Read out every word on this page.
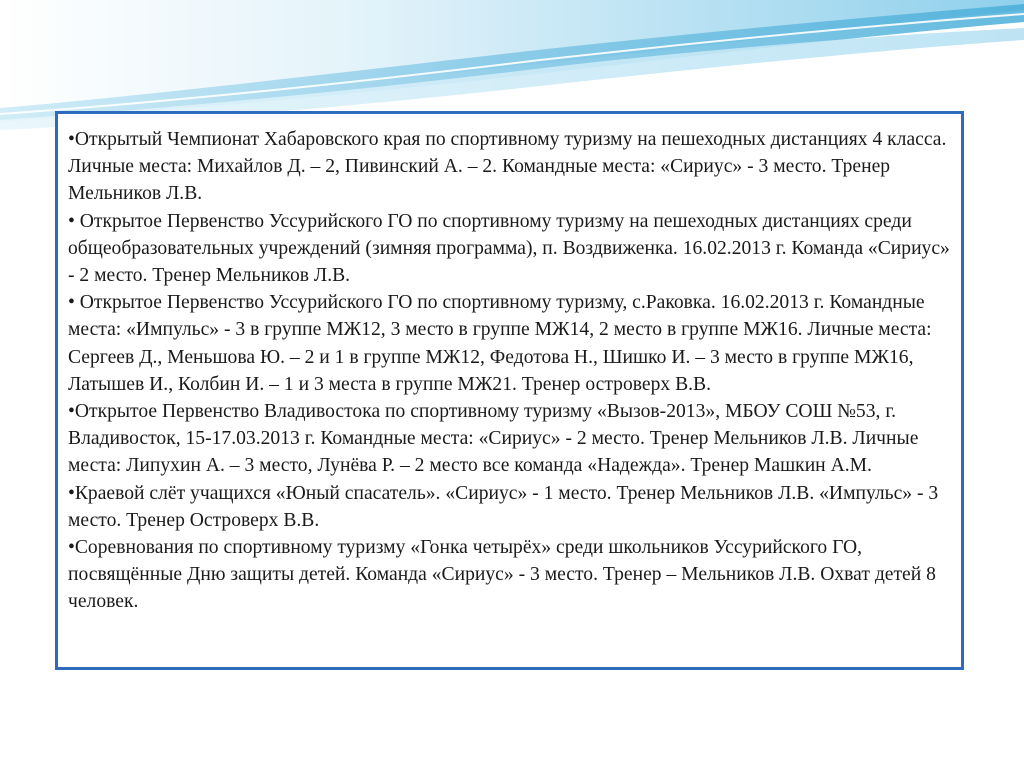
•Открытый Чемпионат Хабаровского края по спортивному туризму на пешеходных дистанциях 4 класса. Личные места: Михайлов Д. – 2, Пивинский А. – 2. Командные места: «Сириус» - 3 место. Тренер Мельников Л.В.

• Открытое Первенство Уссурийского ГО по спортивному туризму на пешеходных дистанциях среди общеобразовательных учреждений (зимняя программа), п. Воздвиженка. 16.02.2013 г. Команда «Сириус» - 2 место. Тренер Мельников Л.В.

• Открытое Первенство Уссурийского ГО по спортивному туризму, с.Раковка. 16.02.2013 г. Командные места: «Импульс» - 3 в группе МЖ12, 3 место в группе МЖ14, 2 место в группе МЖ16. Личные места: Сергеев Д., Меньшова Ю. – 2 и 1 в группе МЖ12, Федотова Н., Шишко И. – 3 место в группе МЖ16, Латышев И., Колбин И. – 1 и 3 места в группе МЖ21. Тренер островерх В.В.

•Открытое Первенство Владивостока по спортивному туризму «Вызов-2013», МБОУ СОШ №53, г. Владивосток, 15-17.03.2013 г. Командные места: «Сириус» - 2 место. Тренер Мельников Л.В. Личные места: Липухин А. – 3 место, Лунёва Р. – 2 место все команда «Надежда». Тренер Машкин А.М.

•Краевой слёт учащихся «Юный спасатель». «Сириус» - 1 место. Тренер Мельников Л.В. «Импульс» - 3 место. Тренер Островерх В.В.

•Соревнования по спортивному туризму «Гонка четырёх» среди школьников Уссурийского ГО, посвящённые Дню защиты детей. Команда «Сириус» - 3 место. Тренер – Мельников Л.В. Охват детей 8 человек.
